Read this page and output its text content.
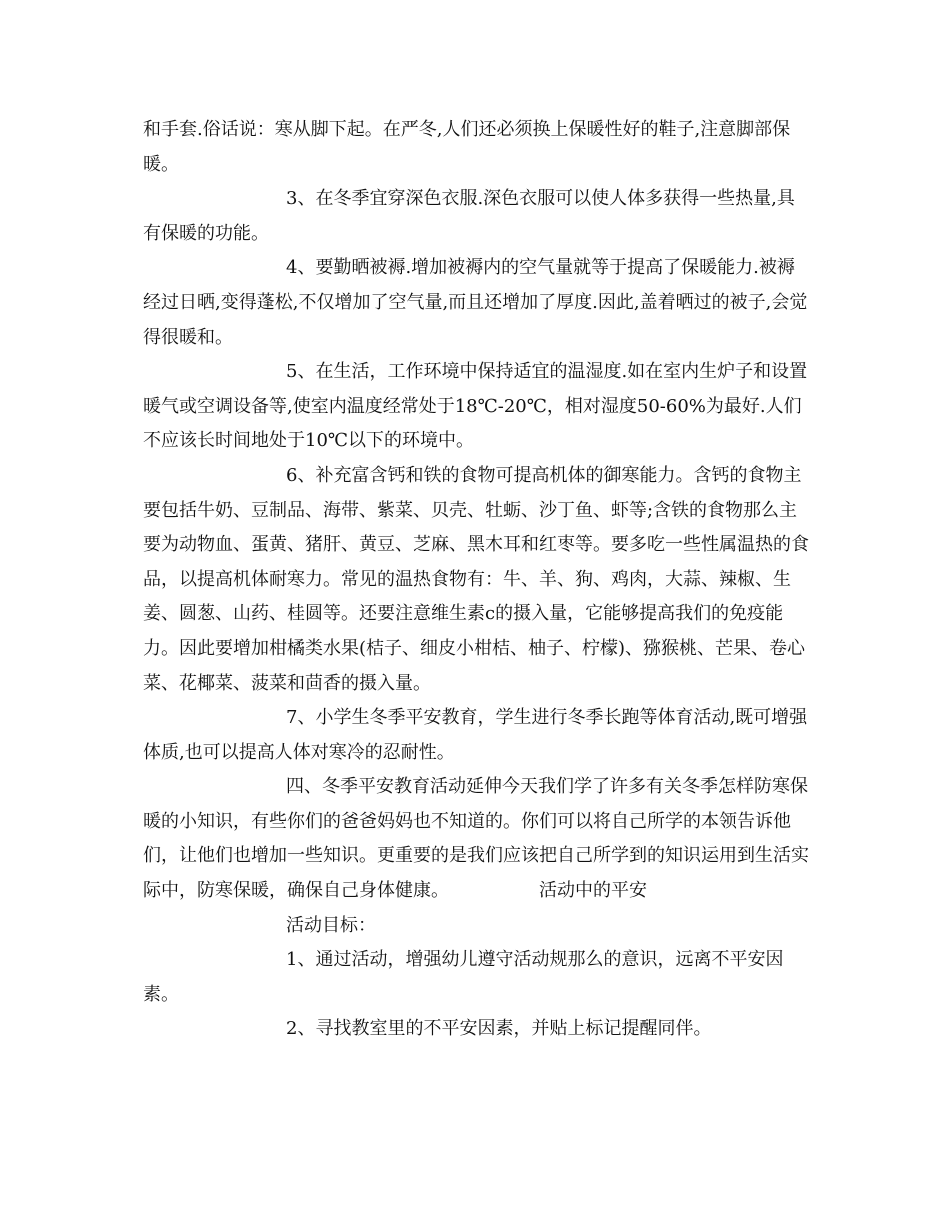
和手套.俗话说：寒从脚下起。在严冬,人们还必须换上保暖性好的鞋子,注意脚部保暖。

3、在冬季宜穿深色衣服.深色衣服可以使人体多获得一些热量,具有保暖的功能。

4、要勤晒被褥.增加被褥内的空气量就等于提高了保暖能力.被褥经过日晒,变得蓬松,不仅增加了空气量,而且还增加了厚度.因此,盖着晒过的被子,会觉得很暖和。

5、在生活，工作环境中保持适宜的温湿度.如在室内生炉子和设置暖气或空调设备等,使室内温度经常处于18℃-20℃，相对湿度50-60%为最好.人们不应该长时间地处于10℃以下的环境中。

6、补充富含钙和铁的食物可提高机体的御寒能力。含钙的食物主要包括牛奶、豆制品、海带、紫菜、贝壳、牡蛎、沙丁鱼、虾等;含铁的食物那么主要为动物血、蛋黄、猪肝、黄豆、芝麻、黑木耳和红枣等。要多吃一些性属温热的食品，以提高机体耐寒力。常见的温热食物有：牛、羊、狗、鸡肉，大蒜、辣椒、生姜、圆葱、山药、桂圆等。还要注意维生素c的摄入量，它能够提高我们的免疫能力。因此要增加柑橘类水果(桔子、细皮小柑桔、柚子、柠檬)、猕猴桃、芒果、卷心菜、花椰菜、菠菜和茴香的摄入量。

7、小学生冬季平安教育，学生进行冬季长跑等体育活动,既可增强体质,也可以提高人体对寒冷的忍耐性。

四、冬季平安教育活动延伸今天我们学了许多有关冬季怎样防寒保暖的小知识，有些你们的爸爸妈妈也不知道的。你们可以将自己所学的本领告诉他们，让他们也增加一些知识。更重要的是我们应该把自己所学到的知识运用到生活实际中，防寒保暖，确保自己身体健康。	活动中的平安

活动目标：

1、通过活动，增强幼儿遵守活动规那么的意识，远离不平安因素。

2、寻找教室里的不平安因素，并贴上标记提醒同伴。
